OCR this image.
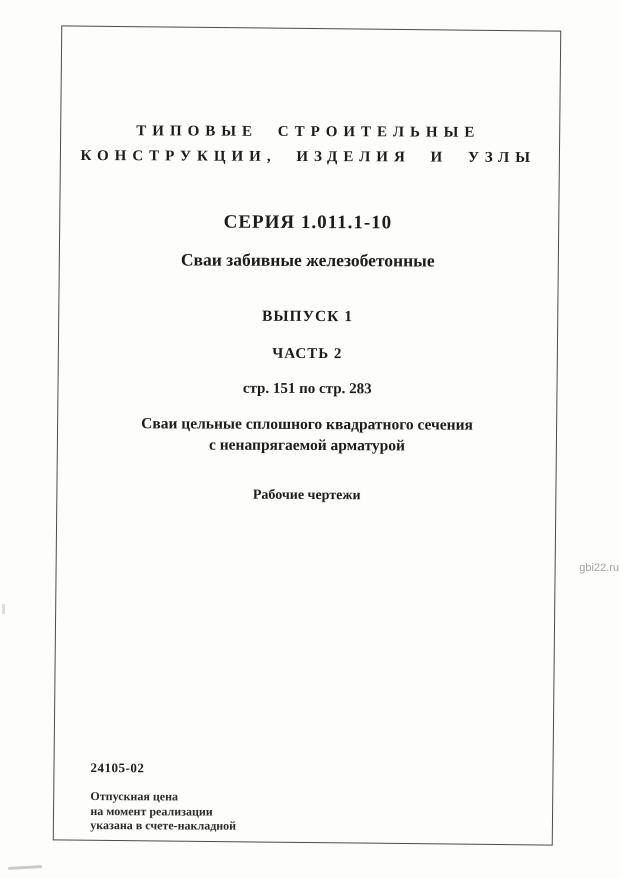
ТИПОВЫЕ СТРОИТЕЛЬНЫЕ
КОНСТРУКЦИИ, ИЗДЕЛИЯ И УЗЛЫ
СЕРИЯ 1.011.1-10
Сваи забивные железобетонные
ВЫПУСК 1
ЧАСТЬ 2
стр. 151 по стр. 283
Сваи цельные сплошного квадратного сечения
с ненапрягаемой арматурой
Рабочие чертежи
24105-02
Отпускная цена
на момент реализации
указана в счете-накладной
gbi22.ru
